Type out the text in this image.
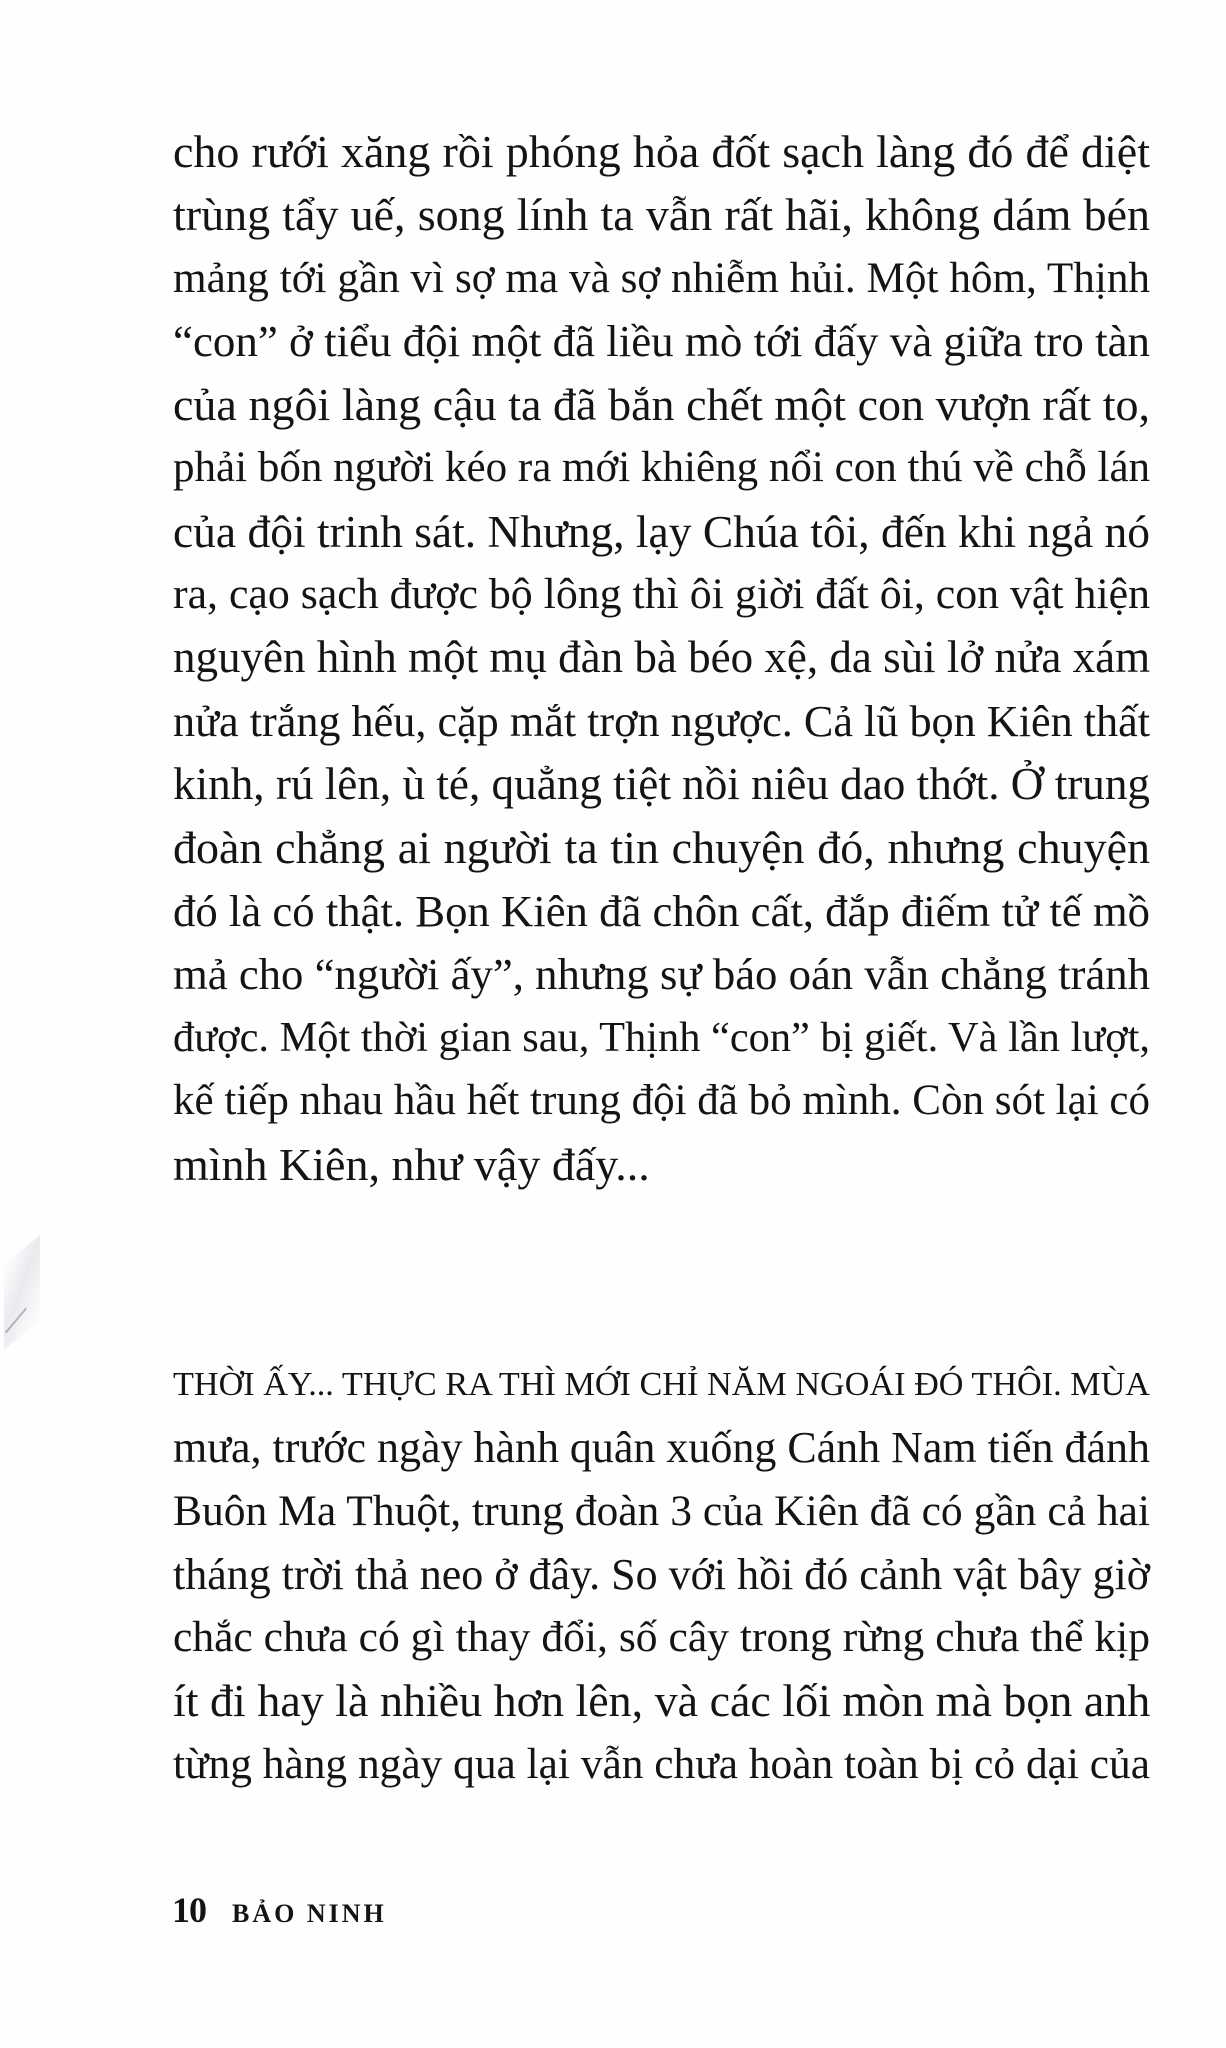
cho rưới xăng rồi phóng hỏa đốt sạch làng đó để diệt
trùng tẩy uế, song lính ta vẫn rất hãi, không dám bén
mảng tới gần vì sợ ma và sợ nhiễm hủi. Một hôm, Thịnh
“con” ở tiểu đội một đã liều mò tới đấy và giữa tro tàn
của ngôi làng cậu ta đã bắn chết một con vượn rất to,
phải bốn người kéo ra mới khiêng nổi con thú về chỗ lán
của đội trinh sát. Nhưng, lạy Chúa tôi, đến khi ngả nó
ra, cạo sạch được bộ lông thì ôi giời đất ôi, con vật hiện
nguyên hình một mụ đàn bà béo xệ, da sùi lở nửa xám
nửa trắng hếu, cặp mắt trợn ngược. Cả lũ bọn Kiên thất
kinh, rú lên, ù té, quẳng tiệt nồi niêu dao thớt. Ở trung
đoàn chẳng ai người ta tin chuyện đó, nhưng chuyện
đó là có thật. Bọn Kiên đã chôn cất, đắp điếm tử tế mồ
mả cho “người ấy”, nhưng sự báo oán vẫn chẳng tránh
được. Một thời gian sau, Thịnh “con” bị giết. Và lần lượt,
kế tiếp nhau hầu hết trung đội đã bỏ mình. Còn sót lại có
mình Kiên, như vậy đấy...
THỜI ẤY... THỰC RA THÌ MỚI CHỈ NĂM NGOÁI ĐÓ THÔI. MÙA
mưa, trước ngày hành quân xuống Cánh Nam tiến đánh
Buôn Ma Thuột, trung đoàn 3 của Kiên đã có gần cả hai
tháng trời thả neo ở đây. So với hồi đó cảnh vật bây giờ
chắc chưa có gì thay đổi, số cây trong rừng chưa thể kịp
ít đi hay là nhiều hơn lên, và các lối mòn mà bọn anh
từng hàng ngày qua lại vẫn chưa hoàn toàn bị cỏ dại của
10 BẢO NINH
